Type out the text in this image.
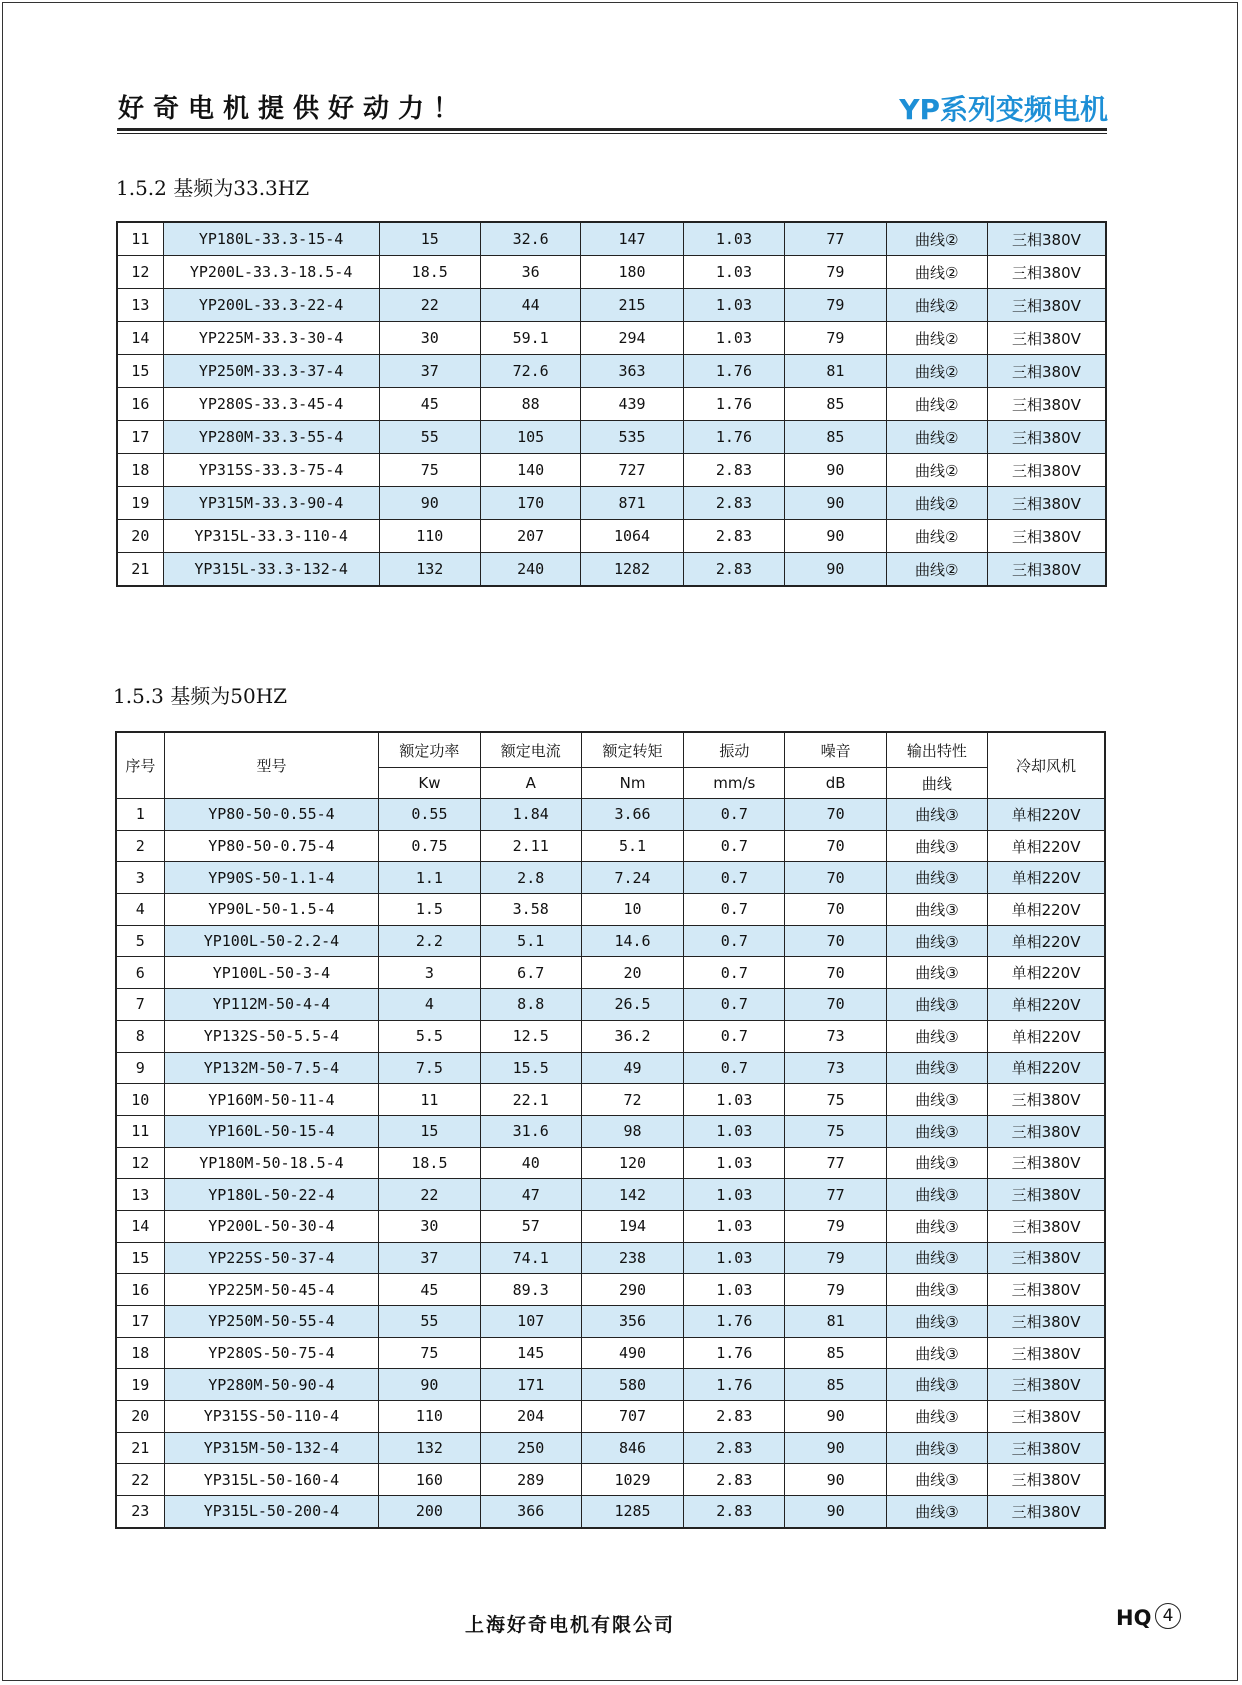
好奇电机提供好动力！	YP系列变频电机
1.5.2 基频为33.3HZ
11	YP180L-33.3-15-4	15	32.6	147	1.03	77	曲线②	三相380V
12	YP200L-33.3-18.5-4	18.5	36	180	1.03	79	曲线②	三相380V
13	YP200L-33.3-22-4	22	44	215	1.03	79	曲线②	三相380V
14	YP225M-33.3-30-4	30	59.1	294	1.03	79	曲线②	三相380V
15	YP250M-33.3-37-4	37	72.6	363	1.76	81	曲线②	三相380V
16	YP280S-33.3-45-4	45	88	439	1.76	85	曲线②	三相380V
17	YP280M-33.3-55-4	55	105	535	1.76	85	曲线②	三相380V
18	YP315S-33.3-75-4	75	140	727	2.83	90	曲线②	三相380V
19	YP315M-33.3-90-4	90	170	871	2.83	90	曲线②	三相380V
20	YP315L-33.3-110-4	110	207	1064	2.83	90	曲线②	三相380V
21	YP315L-33.3-132-4	132	240	1282	2.83	90	曲线②	三相380V
1.5.3 基频为50HZ
序号	型号	额定功率	额定电流	额定转矩	振动	噪音	输出特性	冷却风机
		Kw	A	Nm	mm/s	dB	曲线	
1	YP80-50-0.55-4	0.55	1.84	3.66	0.7	70	曲线③	单相220V
2	YP80-50-0.75-4	0.75	2.11	5.1	0.7	70	曲线③	单相220V
3	YP90S-50-1.1-4	1.1	2.8	7.24	0.7	70	曲线③	单相220V
4	YP90L-50-1.5-4	1.5	3.58	10	0.7	70	曲线③	单相220V
5	YP100L-50-2.2-4	2.2	5.1	14.6	0.7	70	曲线③	单相220V
6	YP100L-50-3-4	3	6.7	20	0.7	70	曲线③	单相220V
7	YP112M-50-4-4	4	8.8	26.5	0.7	70	曲线③	单相220V
8	YP132S-50-5.5-4	5.5	12.5	36.2	0.7	73	曲线③	单相220V
9	YP132M-50-7.5-4	7.5	15.5	49	0.7	73	曲线③	单相220V
10	YP160M-50-11-4	11	22.1	72	1.03	75	曲线③	三相380V
11	YP160L-50-15-4	15	31.6	98	1.03	75	曲线③	三相380V
12	YP180M-50-18.5-4	18.5	40	120	1.03	77	曲线③	三相380V
13	YP180L-50-22-4	22	47	142	1.03	77	曲线③	三相380V
14	YP200L-50-30-4	30	57	194	1.03	79	曲线③	三相380V
15	YP225S-50-37-4	37	74.1	238	1.03	79	曲线③	三相380V
16	YP225M-50-45-4	45	89.3	290	1.03	79	曲线③	三相380V
17	YP250M-50-55-4	55	107	356	1.76	81	曲线③	三相380V
18	YP280S-50-75-4	75	145	490	1.76	85	曲线③	三相380V
19	YP280M-50-90-4	90	171	580	1.76	85	曲线③	三相380V
20	YP315S-50-110-4	110	204	707	2.83	90	曲线③	三相380V
21	YP315M-50-132-4	132	250	846	2.83	90	曲线③	三相380V
22	YP315L-50-160-4	160	289	1029	2.83	90	曲线③	三相380V
23	YP315L-50-200-4	200	366	1285	2.83	90	曲线③	三相380V
上海好奇电机有限公司	HQ 4
